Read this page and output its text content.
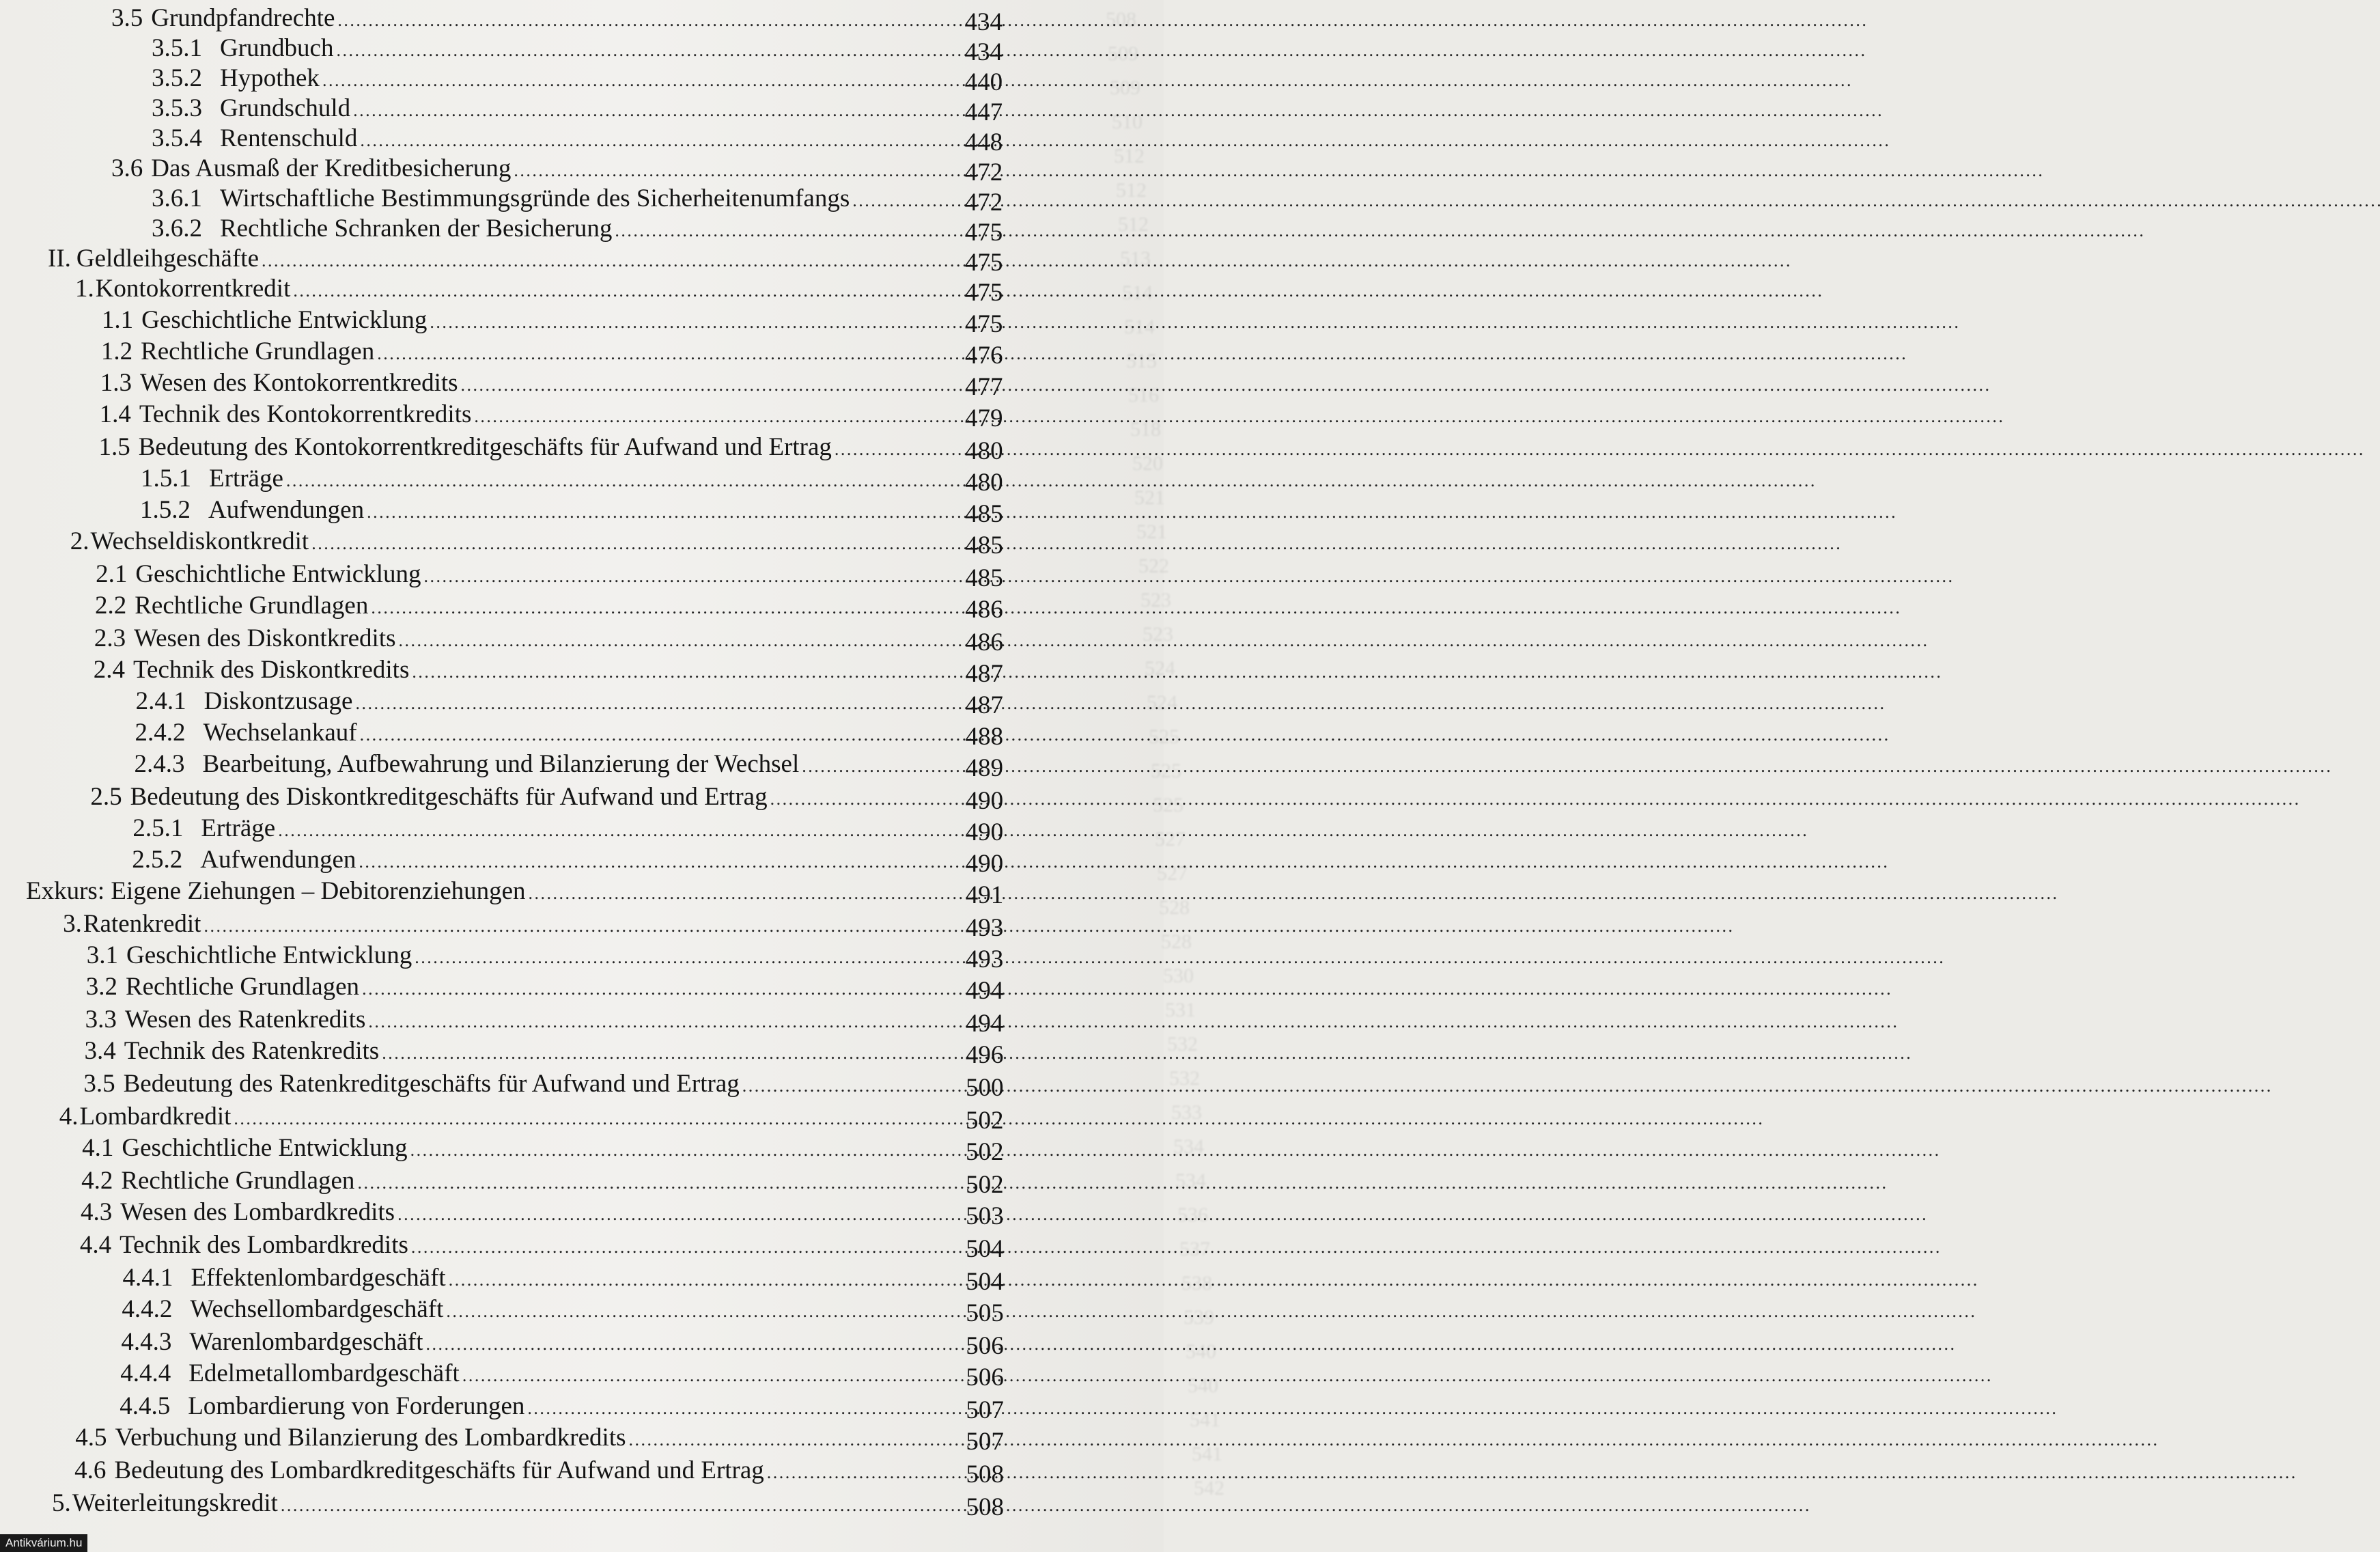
508
509
509
510
512
512
512
513
514
514
515
516
518
520
521
521
522
523
523
524
524
525
525
525
527
527
528
528
530
531
532
532
533
534
534
536
537
538
539
540
540
541
541
542
3.5 Grundpfandrechte . . .	434
3.5.1 Grundbuch . . .	434
3.5.2 Hypothek . . .	440
3.5.3 Grundschuld . . .	447
3.5.4 Rentenschuld . . .	448
3.6 Das Ausmaß der Kreditbesicherung . . .	472
3.6.1 Wirtschaftliche Bestimmungsgründe des Sicherheitenumfangs . . .	472
3.6.2 Rechtliche Schranken der Besicherung . . .	475
II. Geldleihgeschäfte . . .	475
1. Kontokorrentkredit . . .	475
1.1 Geschichtliche Entwicklung . . .	475
1.2 Rechtliche Grundlagen . . .	476
1.3 Wesen des Kontokorrentkredits . . .	477
1.4 Technik des Kontokorrentkredits . . .	479
1.5 Bedeutung des Kontokorrentkreditgeschäfts für Aufwand und Ertrag . . .	480
1.5.1 Erträge . . .	480
1.5.2 Aufwendungen . . .	485
2. Wechseldiskontkredit . . .	485
2.1 Geschichtliche Entwicklung . . .	485
2.2 Rechtliche Grundlagen . . .	486
2.3 Wesen des Diskontkredits . . .	486
2.4 Technik des Diskontkredits . . .	487
2.4.1 Diskontzusage . . .	487
2.4.2 Wechselankauf . . .	488
2.4.3 Bearbeitung, Aufbewahrung und Bilanzierung der Wechsel . . .	489
2.5 Bedeutung des Diskontkreditgeschäfts für Aufwand und Ertrag . . .	490
2.5.1 Erträge . . .	490
2.5.2 Aufwendungen . . .	490
Exkurs: Eigene Ziehungen – Debitorenziehungen . . .	491
3. Ratenkredit . . .	493
3.1 Geschichtliche Entwicklung . . .	493
3.2 Rechtliche Grundlagen . . .	494
3.3 Wesen des Ratenkredits . . .	494
3.4 Technik des Ratenkredits . . .	496
3.5 Bedeutung des Ratenkreditgeschäfts für Aufwand und Ertrag . . .	500
4. Lombardkredit . . .	502
4.1 Geschichtliche Entwicklung . . .	502
4.2 Rechtliche Grundlagen . . .	502
4.3 Wesen des Lombardkredits . . .	503
4.4 Technik des Lombardkredits . . .	504
4.4.1 Effektenlombardgeschäft . . .	504
4.4.2 Wechsellombardgeschäft . . .	505
4.4.3 Warenlombardgeschäft . . .	506
4.4.4 Edelmetallombardgeschäft . . .	506
4.4.5 Lombardierung von Forderungen . . .	507
4.5 Verbuchung und Bilanzierung des Lombardkredits . . .	507
4.6 Bedeutung des Lombardkreditgeschäfts für Aufwand und Ertrag . . .	508
5. Weiterleitungskredit . . .	508
Antikvárium.hu
